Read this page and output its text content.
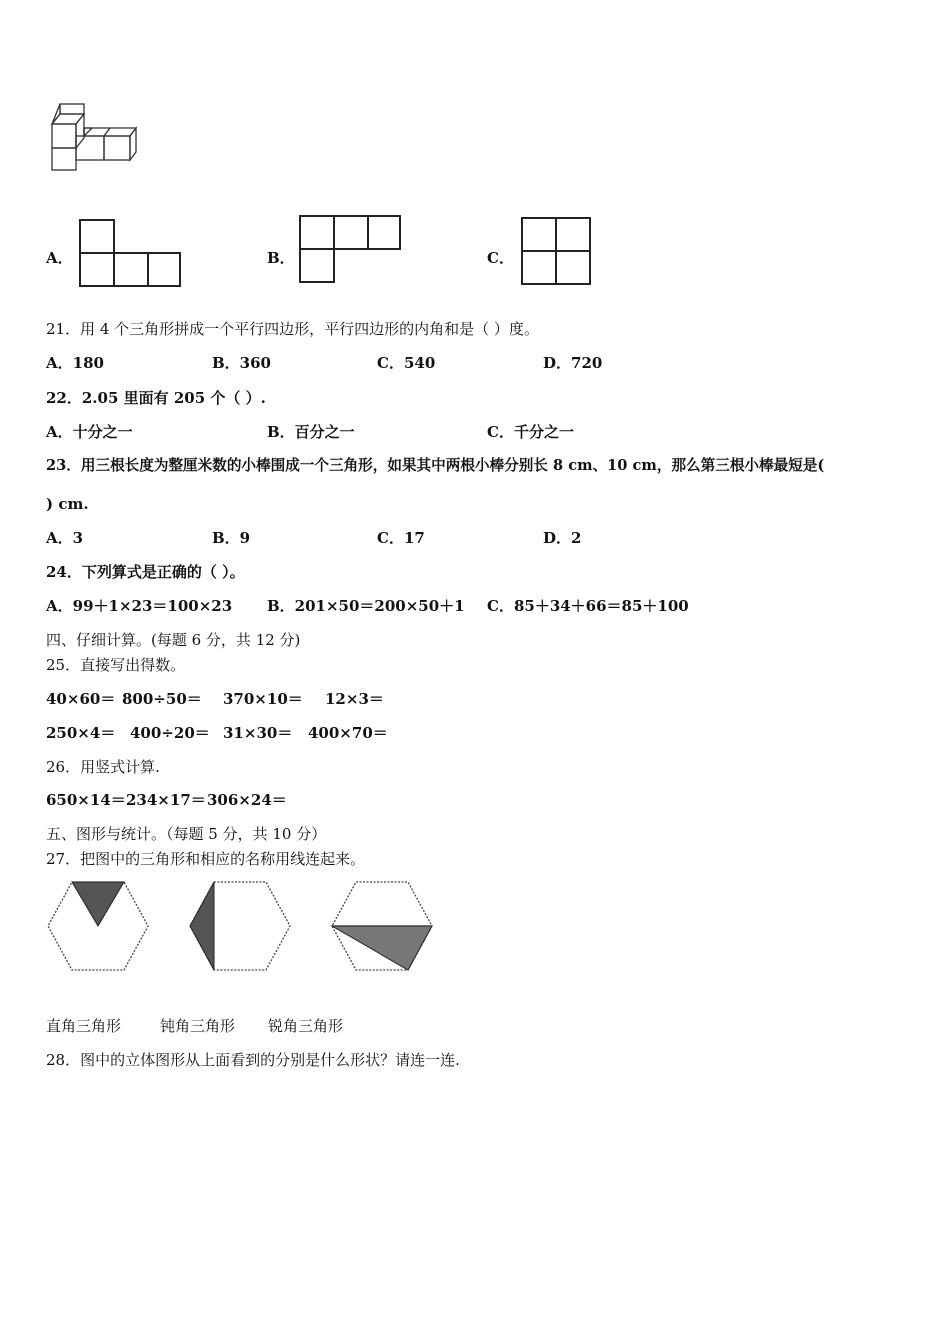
A．	B．	C．
21．用 4 个三角形拼成一个平行四边形，平行四边形的内角和是（ ）度。
A．180	B．360	C．540	D．720
22．2.05 里面有 205 个（ ）.
A．十分之一	B．百分之一	C．千分之一
23．用三根长度为整厘米数的小棒围成一个三角形，如果其中两根小棒分别长 8 cm、10 cm，那么第三根小棒最短是(
) cm.
A．3	B．9	C．17	D．2
24．下列算式是正确的（ ）。
A．99＋1×23＝100×23 B．201×50＝200×50＋1 C．85＋34＋66＝85＋100
四、仔细计算。(每题 6 分，共 12 分)
25．直接写出得数。
40×60＝ 800÷50＝ 370×10＝ 12×3＝
250×4＝ 400÷20＝ 31×30＝ 400×70＝
26．用竖式计算.
650×14＝ 234×17＝ 306×24＝
五、图形与统计。（每题 5 分，共 10 分）
27．把图中的三角形和相应的名称用线连起来。
直角三角形	钝角三角形 锐角三角形
28．图中的立体图形从上面看到的分别是什么形状？请连一连.
